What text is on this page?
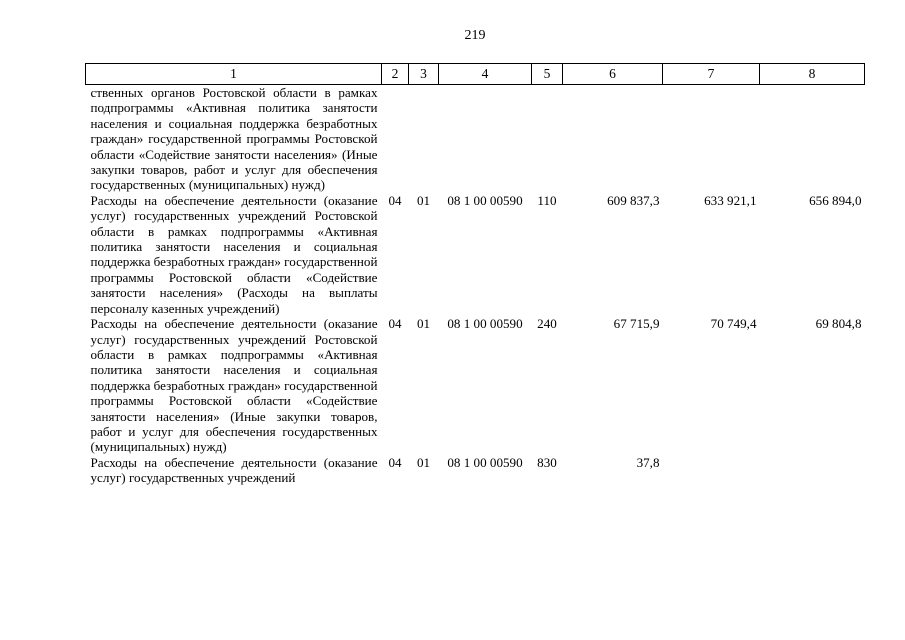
219
1	2	3	4	5	6	7	8
ственных органов Ростовской области в рамках подпрограммы «Активная политика занятости населения и социальная поддержка безработных граждан» государственной программы Ростовской области «Содействие занятости населения» (Иные закупки товаров, работ и услуг для обеспечения государственных (муниципальных) нужд)							
Расходы на обеспечение деятельности (оказание услуг) государственных учреждений Ростовской области в рамках подпрограммы «Активная политика занятости населения и социальная поддержка безработных граждан» государственной программы Ростовской области «Содействие занятости населения» (Расходы на выплаты персоналу казенных учреждений)	04	01	08 1 00 00590	110	609 837,3	633 921,1	656 894,0
Расходы на обеспечение деятельности (оказание услуг) государственных учреждений Ростовской области в рамках подпрограммы «Активная политика занятости населения и социальная поддержка безработных граждан» государственной программы Ростовской области «Содействие занятости населения» (Иные закупки товаров, работ и услуг для обеспечения государственных (муниципальных) нужд)	04	01	08 1 00 00590	240	67 715,9	70 749,4	69 804,8
Расходы на обеспечение деятельности (оказание услуг) государственных учреждений	04	01	08 1 00 00590	830	37,8		
